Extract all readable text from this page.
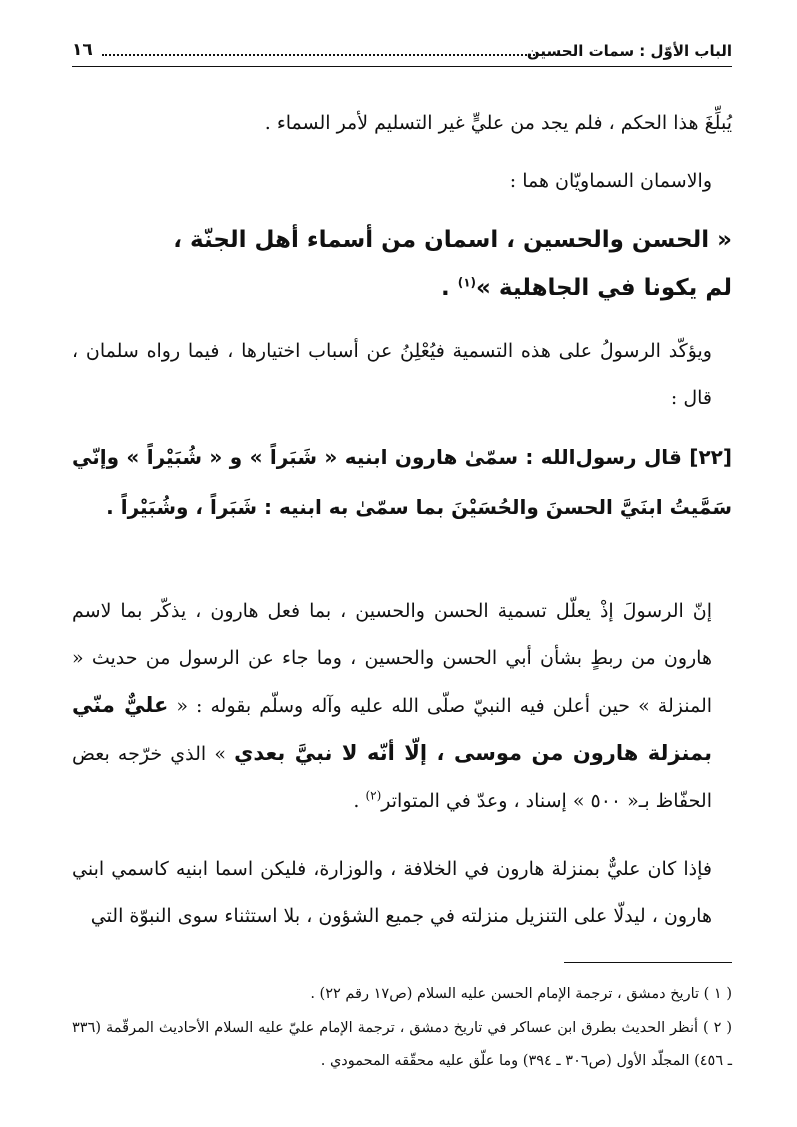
الباب الأوّل : سمات الحسين
١٦

يُبلِّغَ هذا الحكم ، فلم يجد من عليٍّ غير التسليم لأمر السماء .

والاسمان السماويّان هما :

« الحسن والحسين ، اسمان من أسماء أهل الجنّة ،
لم يكونا في الجاهلية »$^{(١)}$ .

ويؤكّد الرسولُ على هذه التسمية فيُعْلِنُ عن أسباب اختيارها ، فيما رواه سلمان ، قال :

[٢٢] قال رسول‌الله : سمّىٰ هارون ابنيه « شَبَراً » و « شُبَيْراً » وإنّي سَمَّيتُ ابنَيَّ الحسنَ والحُسَيْنَ بما سمّىٰ به ابنيه : شَبَراً ، وشُبَيْراً .

إنّ الرسولَ إذْ يعلّل تسمية الحسن والحسين ، بما فعل هارون ، يذكّر بما لاسم هارون من ربطٍ بشأن أبي الحسن والحسين ، وما جاء عن الرسول من حديث « المنزلة » حين أعلن فيه النبيّ صلّى الله عليه وآله وسلّم بقوله : « عليٌّ منّي بمنزلة هارون من موسى ، إلّا أنّه لا نبيَّ بعدي » الذي خرّجه بعض الحفّاظ بـ« ٥٠٠ » إسناد ، وعدّ في المتواتر$^{(٢)}$ .

فإذا كان عليٌّ بمنزلة هارون في الخلافة ، والوزارة، فليكن اسما ابنيه كاسمي ابني هارون ، ليدلّا على التنزيل منزلته في جميع الشؤون ، بلا استثناء سوى النبوّة التي

( ١ ) تاريخ دمشق ، ترجمة الإمام الحسن عليه السلام (ص١٧ رقم ٢٢) .

( ٢ ) أنظر الحديث بطرق ابن عساكر في تاريخ دمشق ، ترجمة الإمام عليّ عليه السلام الأحاديث المرقّمة (٣٣٦ ـ ٤٥٦) المجلّد الأول (ص٣٠٦ ـ ٣٩٤) وما علّق عليه محقّقه المحمودي .
